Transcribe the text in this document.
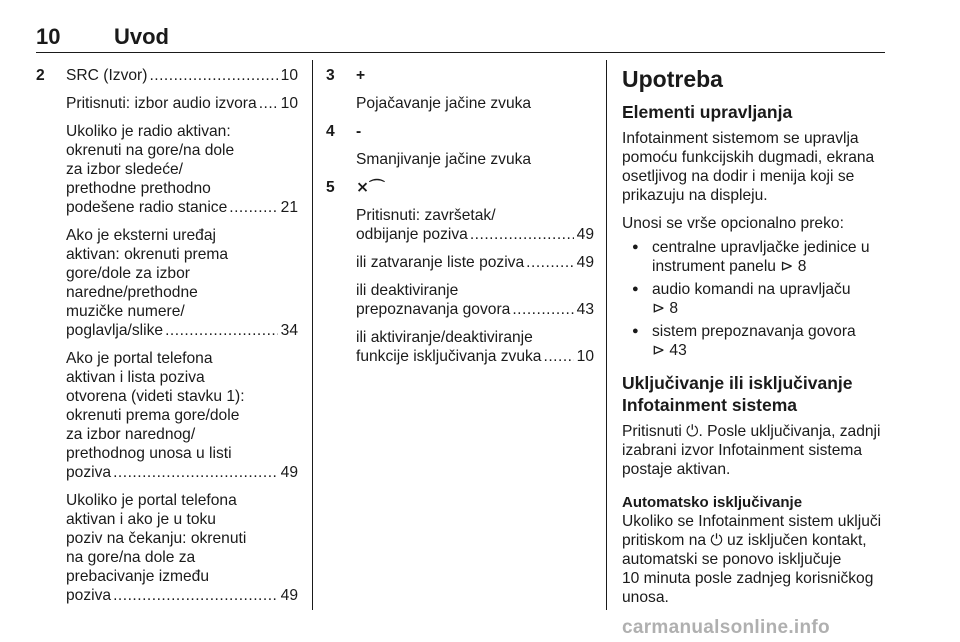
10 Uvod
2 SRC (Izvor) .....	10
Pritisnuti: izbor audio izvora ..... 10
Ukoliko je radio aktivan:
okrenuti na gore/na dole
za izbor sledeće/
prethodne prethodno
podešene radio stanice .....	21
Ako je eksterni uređaj
aktivan: okrenuti prema
gore/dole za izbor
naredne/prethodne
muzičke numere/
poglavlja/slike .....	34
Ako je portal telefona
aktivan i lista poziva
otvorena (videti stavku 1):
okrenuti prema gore/dole
za izbor narednog/
prethodnog unosa u listi
poziva .....	49
Ukoliko je portal telefona
aktivan i ako je u toku
poziv na čekanju: okrenuti
na gore/na dole za
prebacivanje između
poziva .....	49
3 +
Pojačavanje jačine zvuka
4 -
Smanjivanje jačine zvuka
5 ⨯⌒
Pritisnuti: završetak/
odbijanje poziva .....	49
ili zatvaranje liste poziva .....	49
ili deaktiviranje
prepoznavanja govora .....	43
ili aktiviranje/deaktiviranje
funkcije isključivanja zvuka ..... 10
Upotreba
Elementi upravljanja
Infotainment sistemom se upravlja
pomoću funkcijskih dugmadi, ekrana
osetljivog na dodir i menija koji se
prikazuju na displeju.
Unosi se vrše opcionalno preko:
● centralne upravljačke jedinice u
instrument panelu ⊳ 8
● audio komandi na upravljaču
⊳ 8
● sistem prepoznavanja govora
⊳ 43
Uključivanje ili isključivanje
Infotainment sistema
Pritisnuti ⏻. Posle uključivanja, zadnji
izabrani izvor Infotainment sistema
postaje aktivan.
Automatsko isključivanje
Ukoliko se Infotainment sistem uključi
pritiskom na ⏻ uz isključen kontakt,
automatski se ponovo isključuje
10 minuta posle zadnjeg korisničkog
unosa.
carmanualsonline.info
